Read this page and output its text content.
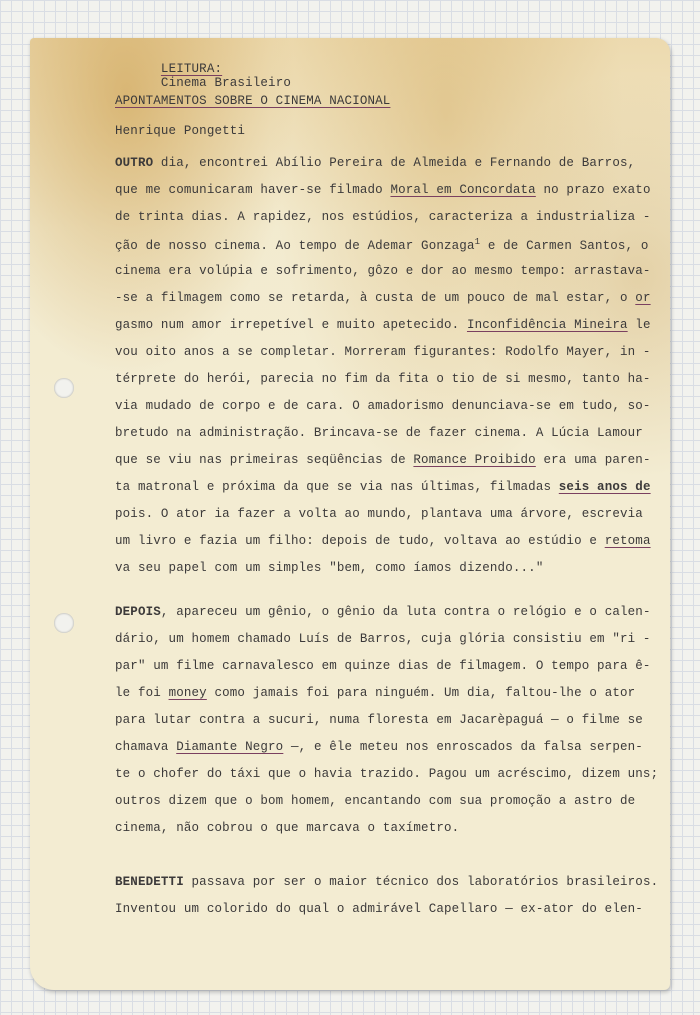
LEITURA:
Cinema Brasileiro

APONTAMENTOS SOBRE O CINEMA NACIONAL
Henrique Pongetti
OUTRO dia, encontrei Abílio Pereira de Almeida e Fernando de Barros,
que me comunicaram haver-se filmado Moral em Concordata no prazo exato
de trinta dias. A rapidez, nos estúdios, caracteriza a industrializa -
ção de nosso cinema. Ao tempo de Ademar Gonzaga$^1$ e de Carmen Santos, o
cinema era volúpia e sofrimento, gôzo e dor ao mesmo tempo: arrastava-
-se a filmagem como se retarda, à custa de um pouco de mal estar, o or
gasmo num amor irrepetível e muito apetecido. Inconfidência Mineira le
vou oito anos a se completar. Morreram figurantes: Rodolfo Mayer, in -
térprete do herói, parecia no fim da fita o tio de si mesmo, tanto ha-
via mudado de corpo e de cara. O amadorismo denunciava-se em tudo, so-
bretudo na administração. Brincava-se de fazer cinema. A Lúcia Lamour
que se viu nas primeiras seqüências de Romance Proibido era uma paren-
ta matronal e próxima da que se via nas últimas, filmadas seis anos de
pois. O ator ia fazer a volta ao mundo, plantava uma árvore, escrevia
um livro e fazia um filho: depois de tudo, voltava ao estúdio e retoma
va seu papel com um simples "bem, como íamos dizendo..."
DEPOIS, apareceu um gênio, o gênio da luta contra o relógio e o calen-
dário, um homem chamado Luís de Barros, cuja glória consistiu em "ri -
par" um filme carnavalesco em quinze dias de filmagem. O tempo para ê-
le foi money como jamais foi para ninguém. Um dia, faltou-lhe o ator
para lutar contra a sucuri, numa floresta em Jacarèpaguá — o filme se
chamava Diamante Negro —, e êle meteu nos enroscados da falsa serpen-
te o chofer do táxi que o havia trazido. Pagou um acréscimo, dizem uns;
outros dizem que o bom homem, encantando com sua promoção a astro de
cinema, não cobrou o que marcava o taxímetro.
BENEDETTI passava por ser o maior técnico dos laboratórios brasileiros.
Inventou um colorido do qual o admirável Capellaro — ex-ator do elen-
